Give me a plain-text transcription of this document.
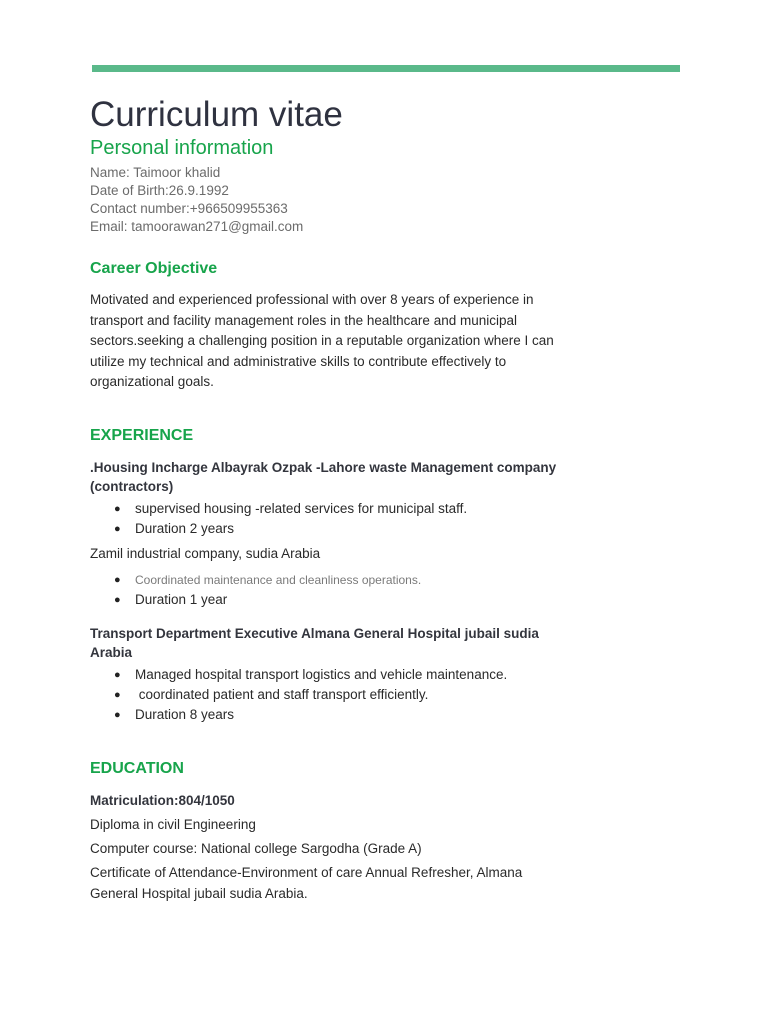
Curriculum vitae
Personal information
Name: Taimoor khalid
Date of Birth:26.9.1992
Contact number:+966509955363
Email: tamoorawan271@gmail.com
Career Objective
Motivated and experienced professional with over 8 years of experience in transport and facility management roles in the healthcare and municipal sectors.seeking a challenging position in a reputable organization where I can utilize my technical and administrative skills to contribute effectively to organizational goals.
EXPERIENCE
.Housing Incharge Albayrak Ozpak -Lahore waste Management company (contractors)
● supervised housing -related services for municipal staff.
● Duration 2 years
Zamil industrial company, sudia Arabia
● Coordinated maintenance and cleanliness operations.
● Duration 1 year
Transport Department Executive Almana General Hospital jubail sudia Arabia
● Managed hospital transport logistics and vehicle maintenance.
● coordinated patient and staff transport efficiently.
● Duration 8 years
EDUCATION
Matriculation:804/1050
Diploma in civil Engineering
Computer course: National college Sargodha (Grade A)
Certificate of Attendance-Environment of care Annual Refresher, Almana General Hospital jubail sudia Arabia.
